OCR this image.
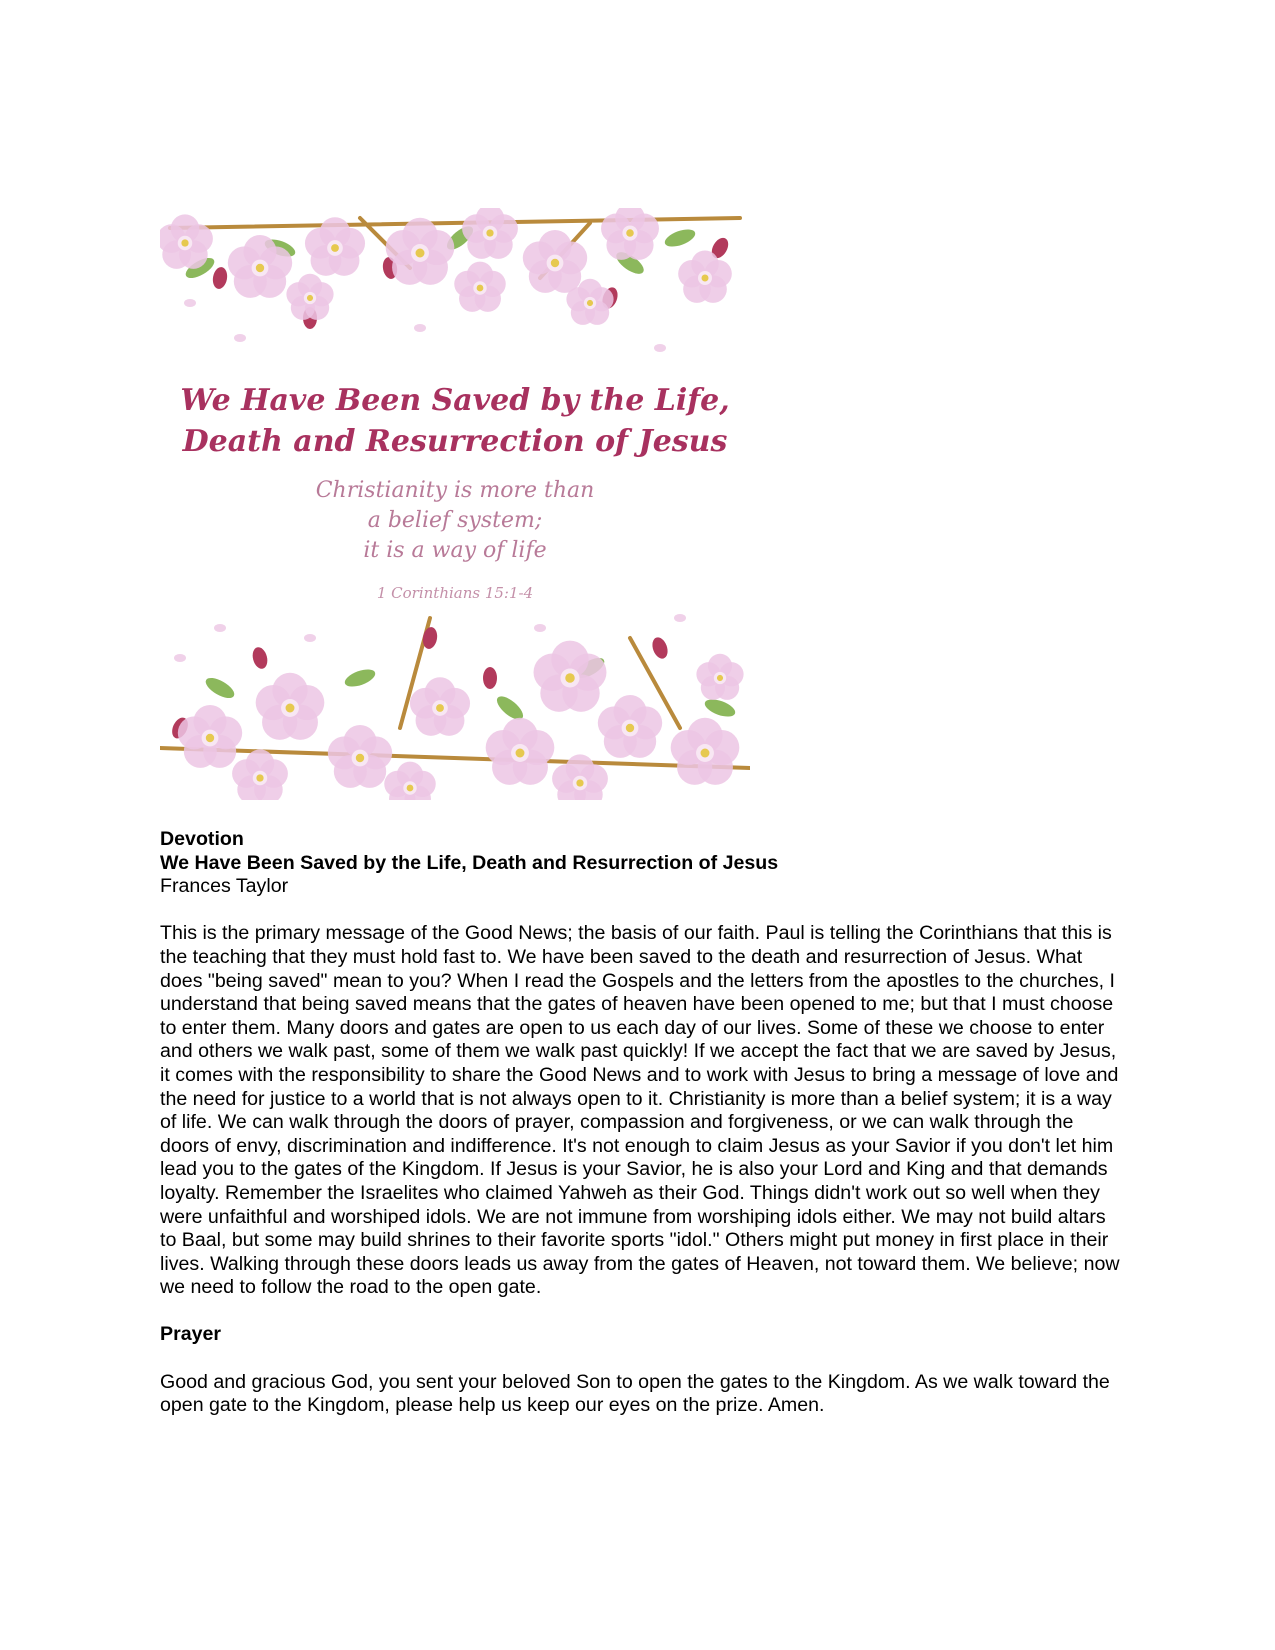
We Have Been Saved by the Life,
Death and Resurrection of Jesus
Christianity is more than
a belief system;
it is a way of life
1 Corinthians 15:1-4

Devotion

We Have Been Saved by the Life, Death and Resurrection of Jesus

Frances Taylor

This is the primary message of the Good News; the basis of our faith. Paul is telling the Corinthians that this is the teaching that they must hold fast to. We have been saved to the death and resurrection of Jesus. What does "being saved" mean to you? When I read the Gospels and the letters from the apostles to the churches, I understand that being saved means that the gates of heaven have been opened to me; but that I must choose to enter them. Many doors and gates are open to us each day of our lives. Some of these we choose to enter and others we walk past, some of them we walk past quickly! If we accept the fact that we are saved by Jesus, it comes with the responsibility to share the Good News and to work with Jesus to bring a message of love and the need for justice to a world that is not always open to it. Christianity is more than a belief system; it is a way of life. We can walk through the doors of prayer, compassion and forgiveness, or we can walk through the doors of envy, discrimination and indifference. It's not enough to claim Jesus as your Savior if you don't let him lead you to the gates of the Kingdom. If Jesus is your Savior, he is also your Lord and King and that demands loyalty. Remember the Israelites who claimed Yahweh as their God. Things didn't work out so well when they were unfaithful and worshiped idols. We are not immune from worshiping idols either. We may not build altars to Baal, but some may build shrines to their favorite sports "idol." Others might put money in first place in their lives. Walking through these doors leads us away from the gates of Heaven, not toward them. We believe; now we need to follow the road to the open gate.

Prayer

Good and gracious God, you sent your beloved Son to open the gates to the Kingdom. As we walk toward the open gate to the Kingdom, please help us keep our eyes on the prize. Amen.
